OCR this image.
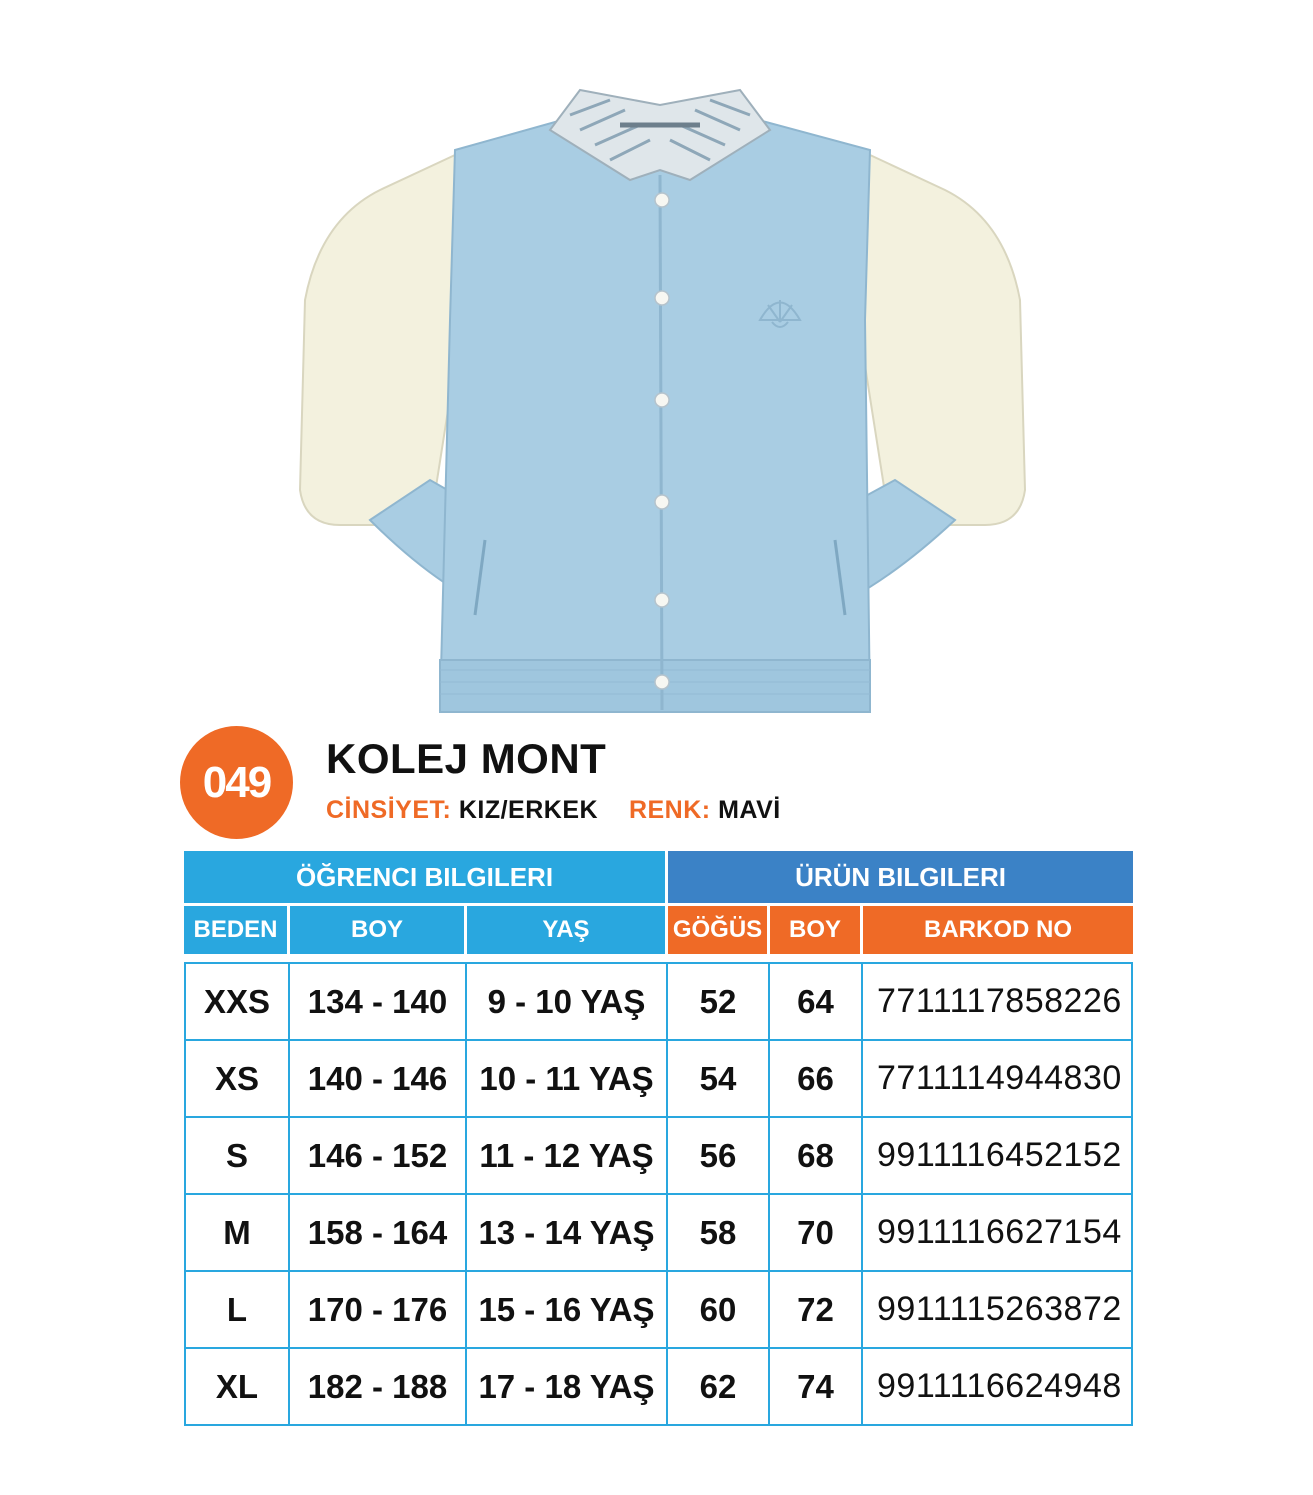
049 KOLEJ MONT
CİNSİYET: KIZ/ERKEK RENK: MAVİ
ÖĞRENCI BILGILERI			ÜRÜN BILGILERI		
BEDEN	BOY	YAŞ	GÖĞÜS	BOY	BARKOD NO
XXS	134 - 140	9 - 10 YAŞ	52	64	7711117858226
XS	140 - 146	10 - 11 YAŞ	54	66	7711114944830
S	146 - 152	11 - 12 YAŞ	56	68	9911116452152
M	158 - 164	13 - 14 YAŞ	58	70	9911116627154
L	170 - 176	15 - 16 YAŞ	60	72	9911115263872
XL	182 - 188	17 - 18 YAŞ	62	74	9911116624948
